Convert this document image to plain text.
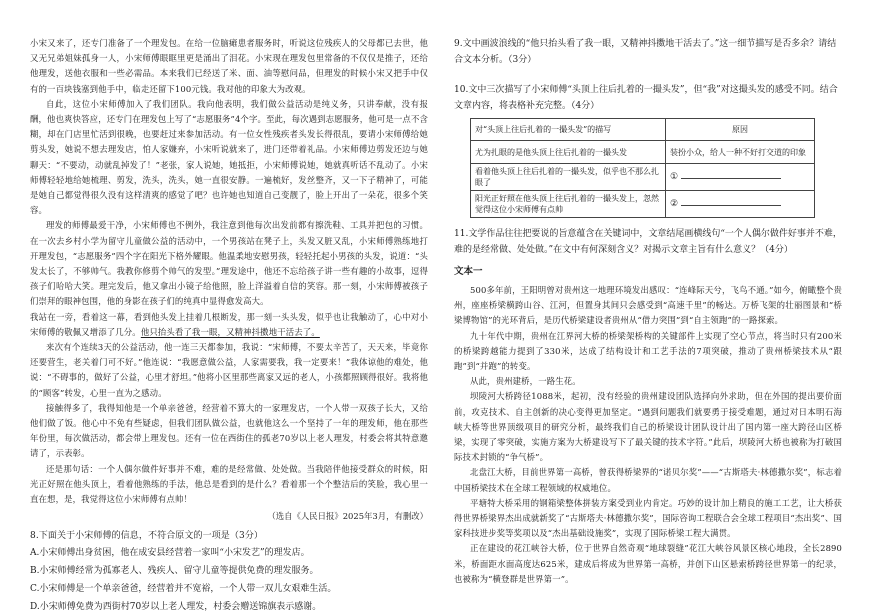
小宋又来了，还专门准备了一个理发包。在给一位脑瘫患者服务时，听说这位残疾人的父母都已去世，他又无兄弟姐妹孤身一人，小宋师傅眼眶里更是涌出了泪花。小宋现在理发包里常备的不仅仅是推子，还给他理发，送他衣服和一些必需品。本来我们已经送了米、面、油等慰问品，但理发的时候小宋又把手中仅有的一百块钱塞到他手中，临走还留下100元钱。我对他的印象大为改观。

自此，这位小宋师傅加入了我们团队。我向他表明，我们做公益活动是纯义务，只讲奉献，没有报酬，他也爽快答应，还专门在理发包上写了“志愿服务”4个字。至此，每次遇到志愿服务，他可是一点不含糊，却在门店里忙活到很晚，也要赶过来参加活动。有一位女性残疾者头发长得很乱，要请小宋师傅给她剪头发，她说不想去理发店，怕人家嫌弃，小宋听说就来了，进门还带着礼品。小宋师傅边剪发还边与她聊天：“不要动，动就乱掉发了！”老张，家人说她，她抵拒，小宋师傅说她，她就真听话不乱动了。小宋师傅轻轻地给她梳理、剪发，洗头，洗头，她一直很安静。一遍梳好，发丝整齐，又一下子精神了，可能是她自己都觉得很久没有这样清爽的感觉了吧？也许她也知道自己变靓了，脸上开出了一朵花，很多个笑容。

理发的师傅最爱干净，小宋师傅也不例外，我注意到他每次出发前都有擦洗鞋、工具并把包的习惯。在一次去乡村小学为留守儿童做公益的活动中，一个男孩站在凳子上，头发又脏又乱，小宋师傅熟练地打开理发包，“志愿服务”四个字在阳光下格外耀眼。他温柔地安慰男孩，轻轻托起小男孩的头发，说道：“头发太长了，不够帅气。我教你修剪个帅气的发型。”理发途中，他还不忘给孩子讲一些有趣的小故事，逗得孩子们哈哈大笑。理完发后，他又拿出小镜子给他照，脸上洋溢着自信的笑容。那一刻，小宋师傅被孩子们崇拜的眼神包围，他的身影在孩子们的纯真中显得愈发高大。

我站在一旁，看着这一幕，看到他头发上挂着几根断发，那一刻一头头发，似乎也让我触动了，心中对小宋师傅的敬佩又增添了几分。他只抬头看了我一眼，又精神抖擞地干活去了。

来次有个连续3天的公益活动，他一连三天都参加，我说：“宋师傅，不要太辛苦了，天天来，毕竟你还要营生，老关着门可不好。”他连说：“我愿意做公益，人家需要我，我一定要来！”我体谅他的难处，他说：“不碍事的，做好了公益，心里才舒坦。”他将小区里那些离家又远的老人，小孩都照顾得很好。我将他的“顾客”转发，心里一直为之感动。

接触得多了，我得知他是一个单亲爸爸，经营着不算大的一家理发店，一个人带一双孩子长大，又给他们做了饭。他心中不免有些疑虑，但我们团队做公益，也就他这么一个坚持了一年的理发师，他在那些年份里，每次做活动，都会带上理发包。还有一位在西街住的孤老70岁以上老人理发，村委会将其特意邀请了，示表彰。

还是那句话：一个人偶尔做件好事并不难，难的是经常做、处处做。当我陪伴他接受群众的时候，阳光正好照在他头顶上，看着他熟练的手法，他总是看到的是什么？看着那一个个整洁后的笑脸，我心里一直在想，是，我觉得这位小宋师傅有点帅！

（选自《人民日报》2025年3月，有删改）

8.下面关于小宋师傅的信息，不符合原文的一项是（3分）
A.小宋师傅出身贫困，他在成安县经营着一家叫“小宋发艺”的理发店。
B.小宋师傅经常为孤寡老人、残疾人、留守儿童等提供免费的理发服务。
C.小宋师傅是一个单亲爸爸，经营着并不宽裕，一个人带一双儿女艰难生活。
D.小宋师傅免费为西街村70岁以上老人理发，村委会赠送锦旗表示感谢。
9.文中画波浪线的“他只抬头看了我一眼，又精神抖擞地干活去了。”这一细节描写是否多余？请结合文本分析。（3分）
10.文中三次描写了小宋师傅“头顶上往后扎着的一撮头发”，但“我”对这撮头发的感受不同。结合文章内容，将表格补充完整。（4分）
对“头顶上往后扎着的一撮头发”的描写	原因
尤为扎眼的是他头顶上往后扎着的一撮头发	装扮小众，给人一种不好打交道的印象
看着他头顶上往后扎着的一撮头发，似乎也不那么扎眼了	①
阳光正好照在他头顶上往后扎着的一撮头发上，忽然觉得这位小宋师傅有点帅	②
11.文学作品往往把要说的旨意蕴含在关键词中，文章结尾画横线句“一个人偶尔做件好事并不难，难的是经常做、处处做。”在文中有何深刻含义？对揭示文章主旨有什么意义？（4分）
文本一

500多年前，王阳明曾对贵州这一地理环境发出感叹：“连峰际天兮，飞鸟不通。”如今，俯瞰整个贵州，座座桥梁横跨山谷、江河，但置身其间只会感受到“高速千里”的畅达。万桥飞架的壮丽图景和“桥梁博物馆”的光环背后，是历代桥梁建设者贵州从“借力突围”到“自主领跑”的一路探索。

九十年代中期，贵州在江界河大桥的桥梁架桥构的关键部件上实现了空心节点，将当时只有200米的桥梁跨越能力提到了330米，达成了结构设计和工艺手法的7项突破，推动了贵州桥梁技术从“跟跑”到“并跑”的转变。

从此，贵州建桥，一路生花。

坝陵河大桥跨径1088米，起初，没有经验的贵州建设团队选择向外求助，但在外国的提出要价面前，攻克技术、自主创新的决心变得更加坚定。“遇到问题我们就要勇于接受难题，通过对日本明石海峡大桥等世界顶级项目的研究分析，最终我们自己的桥梁设计团队设计出了国内第一座大跨径山区桥梁，实现了零突破，实施方案为大桥建设写下了最关键的技术字符。”此后，坝陵河大桥也被称为打破国际技术封锁的“争气桥”。

北盘江大桥，目前世界第一高桥，曾获得桥梁界的“诺贝尔奖”——“古斯塔夫·林德撒尔奖”，标志着中国桥梁技术在全球工程领域的权威地位。

平塘特大桥采用的钢箱梁整体拼装方案受到业内肯定。巧妙的设计加上精良的施工工艺，让大桥获得世界桥梁界杰出成就新奖了“古斯塔夫·林德撒尔奖”，国际咨询工程联合会全球工程项目“杰出奖”、国家科技进步奖等奖项以及“杰出基础设施奖”，实现了国际桥梁工程大满贯。

正在建设的花江峡谷大桥，位于世界自然奇观“地球裂缝”花江大峡谷风景区核心地段，全长2890米，桥面距水面高度达625米，建成后将成为世界第一高桥，并创下山区悬索桥跨径世界第一的纪录，也被称为“横登群是世界第一”。
